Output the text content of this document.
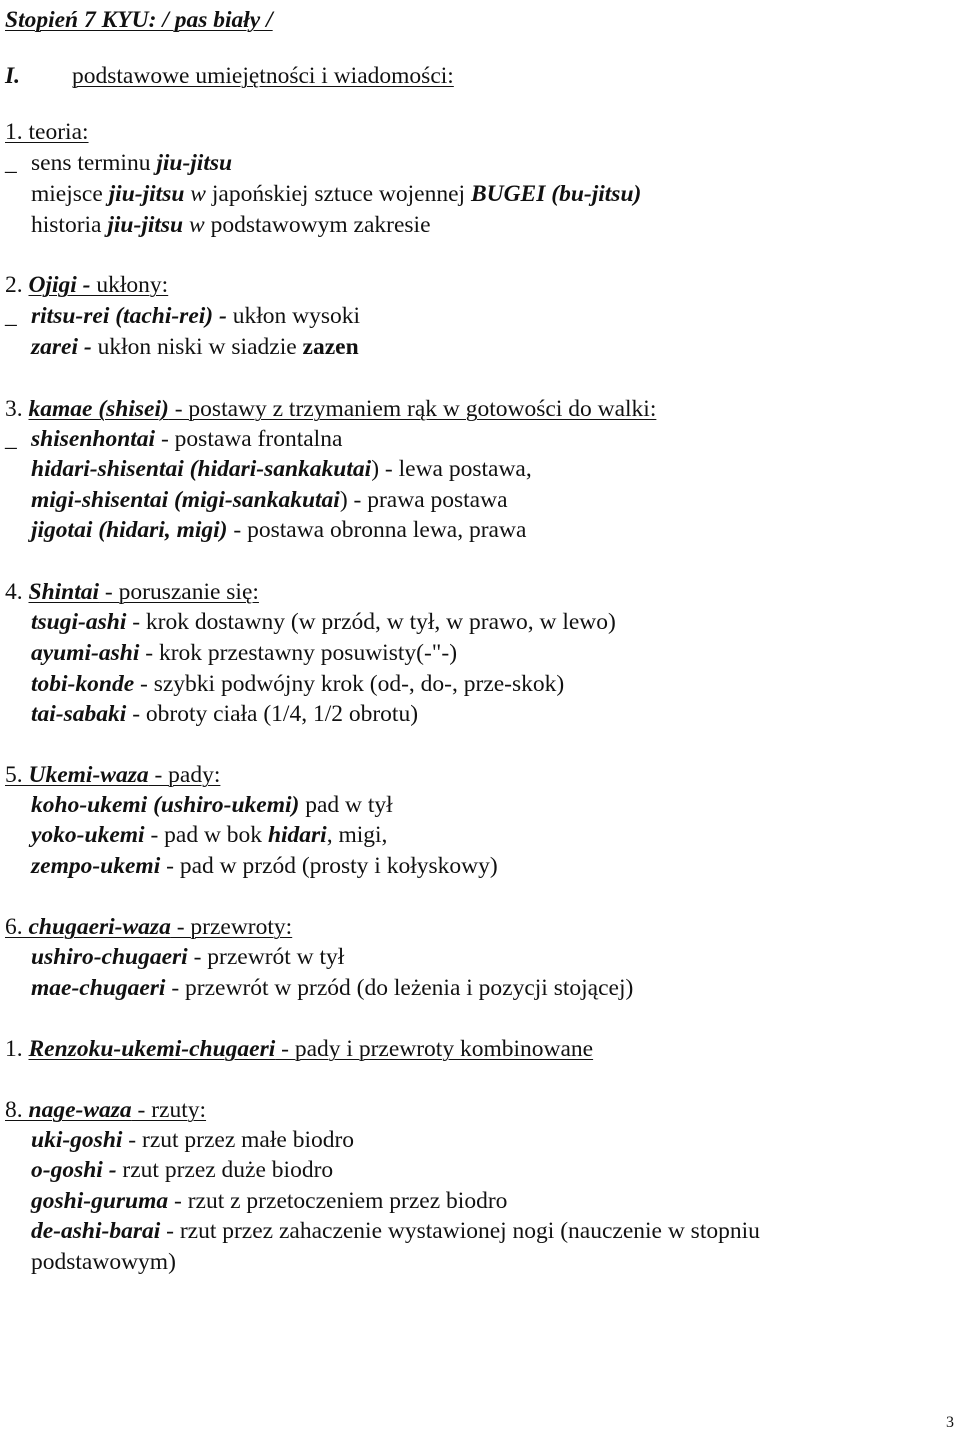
Stopień 7 KYU: / pas biały /
I. podstawowe umiejętności i wiadomości:
1. teoria:
_ sens terminu jiu-jitsu
miejsce jiu-jitsu w japońskiej sztuce wojennej BUGEI (bu-jitsu)
historia jiu-jitsu w podstawowym zakresie
2. Ojigi - ukłony:
_ ritsu-rei (tachi-rei) - ukłon wysoki
zarei - ukłon niski w siadzie zazen
3. kamae (shisei) - postawy z trzymaniem rąk w gotowości do walki:
_ shisenhontai - postawa frontalna
hidari-shisentai (hidari-sankakutai) - lewa postawa,
migi-shisentai (migi-sankakutai) - prawa postawa
jigotai (hidari, migi) - postawa obronna lewa, prawa
4. Shintai - poruszanie się:
tsugi-ashi - krok dostawny (w przód, w tył, w prawo, w lewo)
ayumi-ashi - krok przestawny posuwisty(-"-)
tobi-konde - szybki podwójny krok (od-, do-, prze-skok)
tai-sabaki - obroty ciała (1/4, 1/2 obrotu)
5. Ukemi-waza - pady:
koho-ukemi (ushiro-ukemi) pad w tył
yoko-ukemi - pad w bok hidari, migi,
zempo-ukemi - pad w przód (prosty i kołyskowy)
6. chugaeri-waza - przewroty:
ushiro-chugaeri - przewrót w tył
mae-chugaeri - przewrót w przód (do leżenia i pozycji stojącej)
1. Renzoku-ukemi-chugaeri - pady i przewroty kombinowane
8. nage-waza - rzuty:
uki-goshi - rzut przez małe biodro
o-goshi - rzut przez duże biodro
goshi-guruma - rzut z przetoczeniem przez biodro
de-ashi-barai - rzut przez zahaczenie wystawionej nogi (nauczenie w stopniu
podstawowym)
3
